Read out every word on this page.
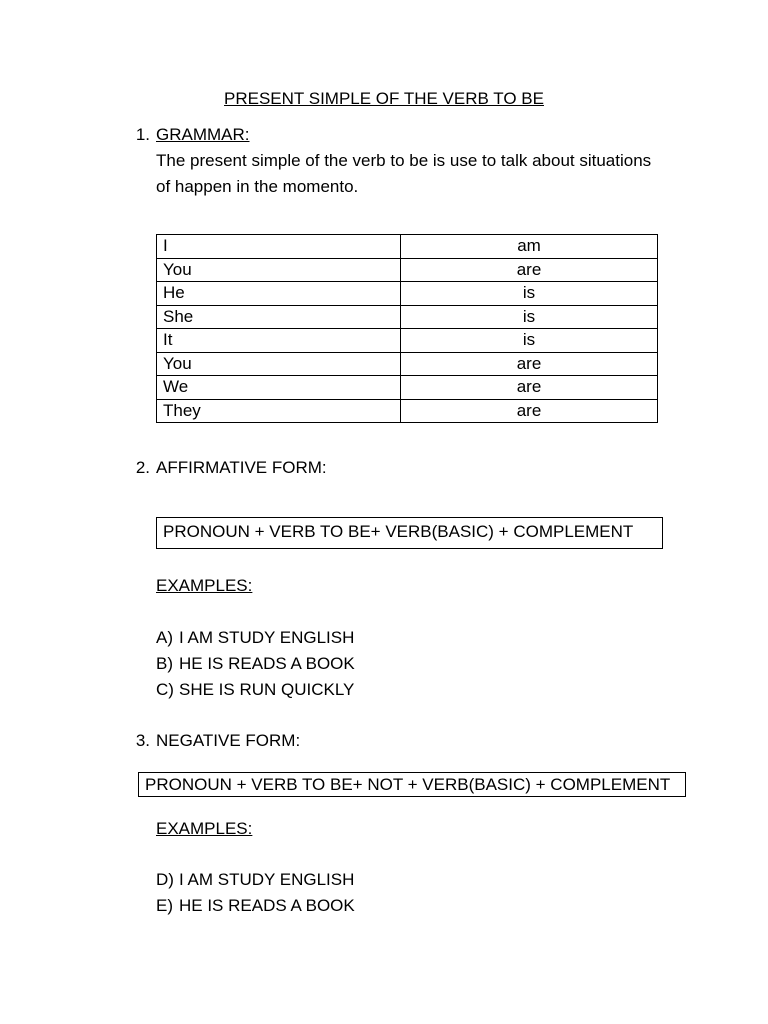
PRESENT SIMPLE OF THE VERB TO BE
1. GRAMMAR:
The present simple of the verb to be is use to talk about situations of happen in the momento.
I	am
You	are
He	is
She	is
It	is
You	are
We	are
They	are
2. AFFIRMATIVE FORM:
PRONOUN + VERB TO BE+ VERB(BASIC) + COMPLEMENT
EXAMPLES:
A) I AM STUDY ENGLISH
B) HE IS READS A BOOK
C) SHE IS RUN QUICKLY
3. NEGATIVE FORM:
PRONOUN + VERB TO BE+ NOT + VERB(BASIC) + COMPLEMENT
EXAMPLES:
D) I AM STUDY ENGLISH
E) HE IS READS A BOOK
